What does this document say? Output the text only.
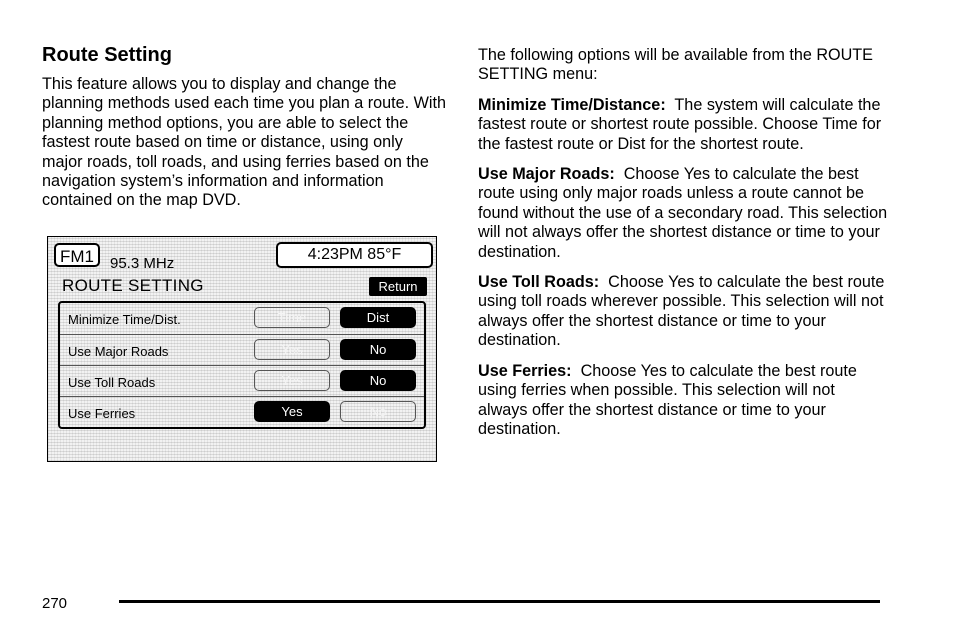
Route Setting

This feature allows you to display and change the planning methods used each time you plan a route. With planning method options, you are able to select the fastest route based on time or distance, using only major roads, toll roads, and using ferries based on the navigation system’s information and information contained on the map DVD.

FM1	95.3 MHz
4:23PM 85°F
ROUTE SETTING	Return
Minimize Time/Dist.	Time	Dist
Use Major Roads	Yes	No
Use Toll Roads	Yes	No
Use Ferries	Yes	No

The following options will be available from the ROUTE SETTING menu:

Minimize Time/Distance: The system will calculate the fastest route or shortest route possible. Choose Time for the fastest route or Dist for the shortest route.

Use Major Roads: Choose Yes to calculate the best route using only major roads unless a route cannot be found without the use of a secondary road. This selection will not always offer the shortest distance or time to your destination.

Use Toll Roads: Choose Yes to calculate the best route using toll roads wherever possible. This selection will not always offer the shortest distance or time to your destination.

Use Ferries: Choose Yes to calculate the best route using ferries when possible. This selection will not always offer the shortest distance or time to your destination.

270
